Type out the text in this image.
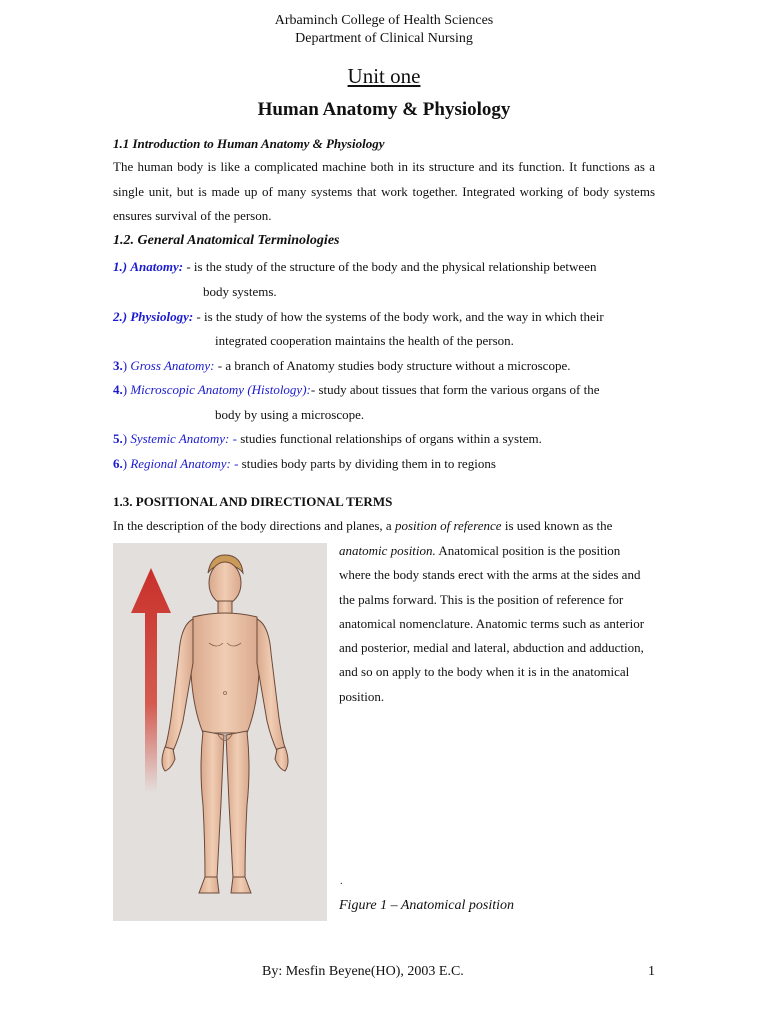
Arbaminch College of Health Sciences
Department of Clinical Nursing
Unit one
Human Anatomy & Physiology
1.1 Introduction to Human Anatomy & Physiology
The human body is like a complicated machine both in its structure and its function. It functions as a single unit, but is made up of many systems that work together. Integrated working of body systems ensures survival of the person.
1.2. General Anatomical Terminologies
1.) Anatomy: - is the study of the structure of the body and the physical relationship between
body systems.
2.) Physiology: - is the study of how the systems of the body work, and the way in which their
integrated cooperation maintains the health of the person.
3.) Gross Anatomy: - a branch of Anatomy studies body structure without a microscope.
4.) Microscopic Anatomy (Histology):- study about tissues that form the various organs of the
body by using a microscope.
5.) Systemic Anatomy: - studies functional relationships of organs within a system.
6.) Regional Anatomy: - studies body parts by dividing them in to regions
1.3. POSITIONAL AND DIRECTIONAL TERMS
In the description of the body directions and planes, a position of reference is used known as the
anatomic position. Anatomical position is the position where the body stands erect with the arms at the sides and the palms forward. This is the position of reference for anatomical nomenclature. Anatomic terms such as anterior and posterior, medial and lateral, abduction and adduction, and so on apply to the body when it is in the anatomical position.
.
Figure 1 – Anatomical position
By: Mesfin Beyene(HO), 2003 E.C.	1
